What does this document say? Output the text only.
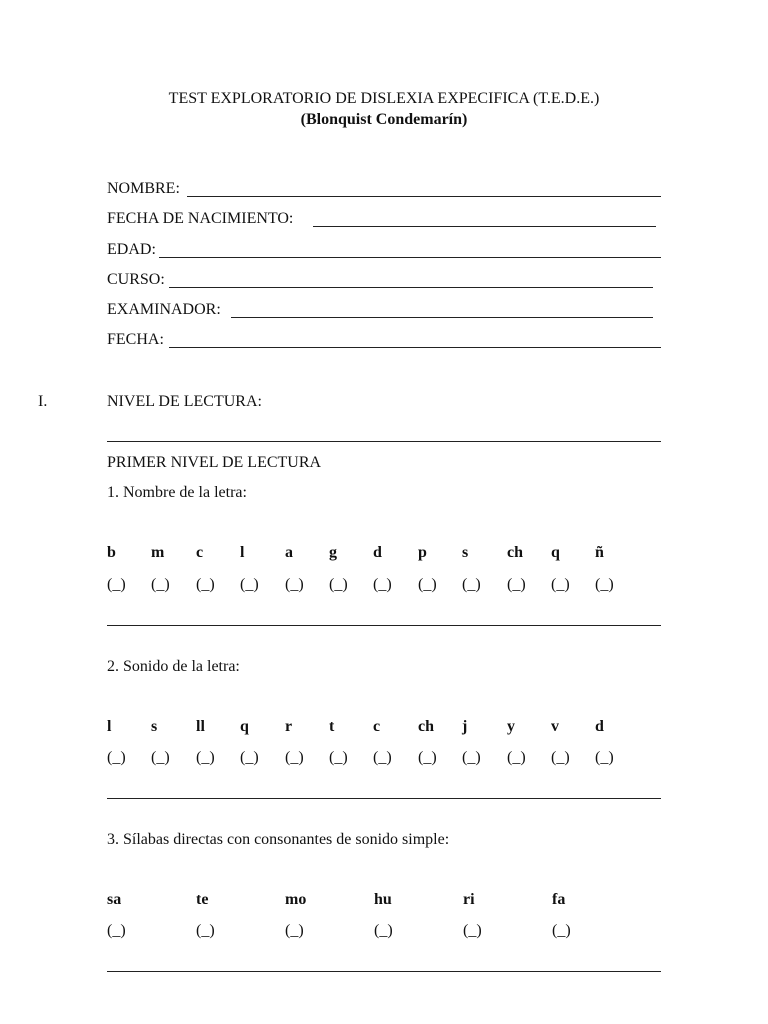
TEST EXPLORATORIO DE DISLEXIA EXPECIFICA (T.E.D.E.)
(Blonquist Condemarín)
NOMBRE:
FECHA DE NACIMIENTO:
EDAD:
CURSO:
EXAMINADOR:
FECHA:
I.	NIVEL DE LECTURA:
PRIMER NIVEL DE LECTURA
1. Nombre de la letra:
b m c l	a g d p s ch q ñ
(_) (_) (_) (_) (_) (_) (_) (_) (_) (_) (_) (_)
2. Sonido de la letra:
l s ll q r t c ch j y v d
(_) (_) (_) (_) (_) (_) (_) (_) (_) (_) (_) (_)
3. Sílabas directas con consonantes de sonido simple:
sa	te	mo	hu	ri	fa
(_)	(_)	(_)	(_)	(_)	(_)
